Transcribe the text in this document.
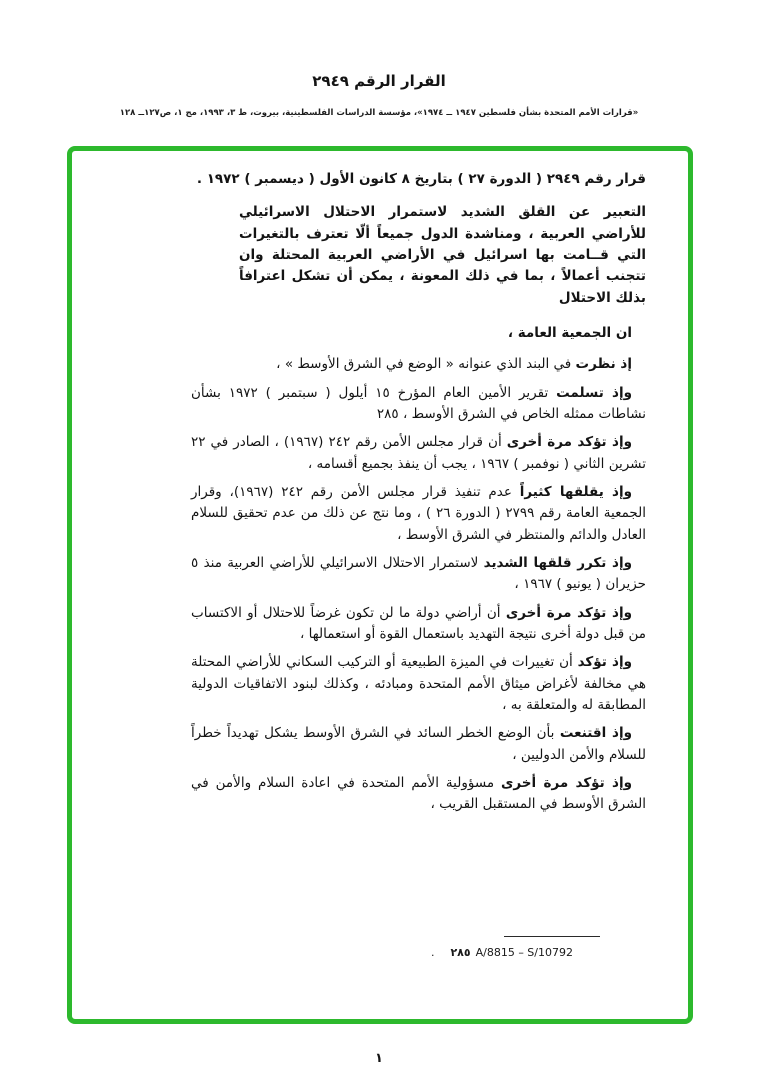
القرار الرقم ٢٩٤٩
«قرارات الأمم المتحدة بشأن فلسطين ١٩٤٧ ــ ١٩٧٤»، مؤسسة الدراسات الفلسطينية، بيروت، ط ٣، ١٩٩٣، مج ١، ص١٢٧ــ ١٢٨

قرار رقم ٢٩٤٩ ( الدورة ٢٧ ) بتاريخ ٨ كانون الأول ( ديسمبر ) ١٩٧٢ .

التعبير عن القلق الشديد لاستمرار الاحتلال الاسرائيلي للأراضي العربية ، ومناشدة الدول جميعاً ألّا تعترف بالتغيرات التي قــامت بها اسرائيل في الأراضي العربية المحتلة وان تتجنب أعمالاً ، بما في ذلك المعونة ، يمكن أن تشكل اعترافاً بذلك الاحتلال

ان الجمعية العامة ،

إذ نظرت في البند الذي عنوانه « الوضع في الشرق الأوسط » ،

وإذ تسلمت تقرير الأمين العام المؤرخ ١٥ أيلول ( سبتمبر ) ١٩٧٢ بشأن نشاطات ممثله الخاص في الشرق الأوسط ، ٢٨٥

وإذ تؤكد مرة أخرى أن قرار مجلس الأمن رقم ٢٤٢ (١٩٦٧) ، الصادر في ٢٢ تشرين الثاني ( نوفمبر ) ١٩٦٧ ، يجب أن ينفذ بجميع أقسامه ،

وإذ يقلقها كثيراً عدم تنفيذ قرار مجلس الأمن رقم ٢٤٢ (١٩٦٧)، وقرار الجمعية العامة رقم ٢٧٩٩ ( الدورة ٢٦ ) ، وما نتج عن ذلك من عدم تحقيق للسلام العادل والدائم والمنتظر في الشرق الأوسط ،

وإذ تكرر قلقها الشديد لاستمرار الاحتلال الاسرائيلي للأراضي العربية منذ ٥ حزيران ( يونيو ) ١٩٦٧ ،

وإذ تؤكد مرة أخرى أن أراضي دولة ما لن تكون غرضاً للاحتلال أو الاكتساب من قبل دولة أخرى نتيجة التهديد باستعمال القوة أو استعمالها ،

وإذ تؤكد أن تغييرات في الميزة الطبيعية أو التركيب السكاني للأراضي المحتلة هي مخالفة لأغراض ميثاق الأمم المتحدة ومبادئه ، وكذلك لبنود الاتفاقيات الدولية المطابقة له والمتعلقة به ،

وإذ اقتنعت بأن الوضع الخطر السائد في الشرق الأوسط يشكل تهديداً خطراً للسلام والأمن الدوليين ،

وإذ تؤكد مرة أخرى مسؤولية الأمم المتحدة في اعادة السلام والأمن في الشرق الأوسط في المستقبل القريب ،

٢٨٥ A/8815 – S/10792.
١
